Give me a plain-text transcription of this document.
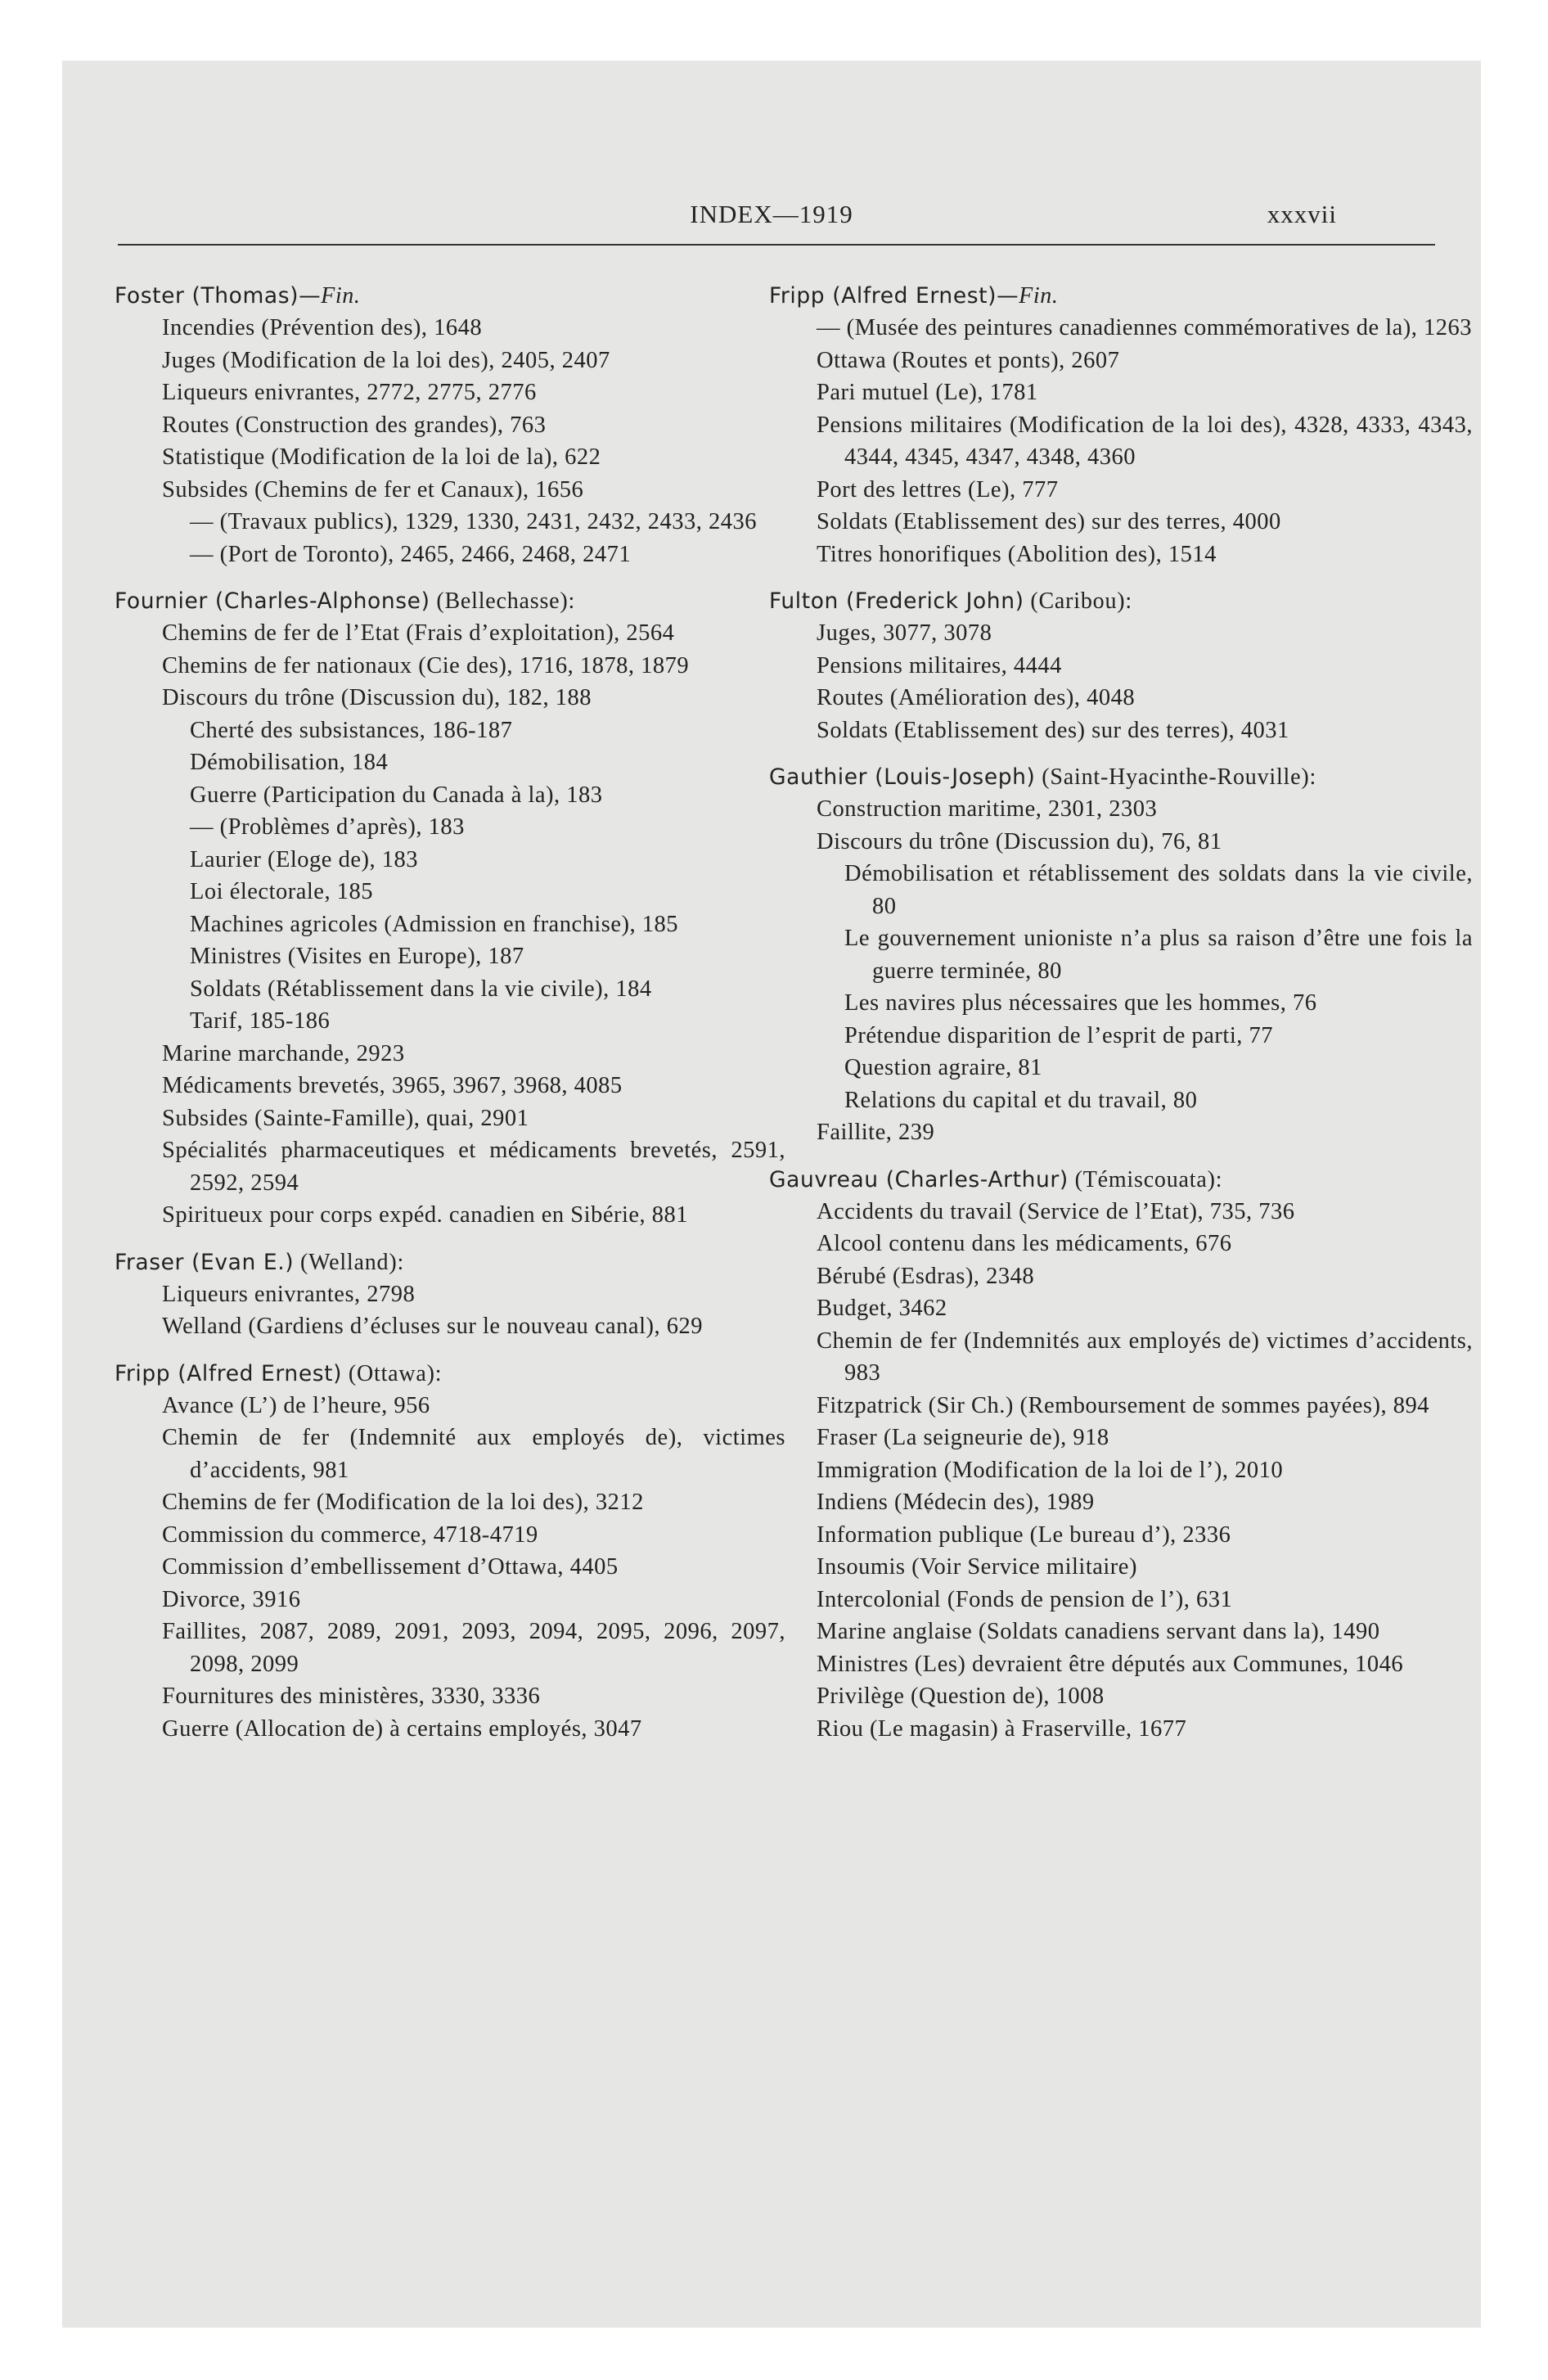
INDEX—1919	xxxvii
Foster (Thomas)—Fin.
Incendies (Prévention des), 1648
Juges (Modification de la loi des), 2405, 2407
Liqueurs enivrantes, 2772, 2775, 2776
Routes (Construction des grandes), 763
Statistique (Modification de la loi de la), 622
Subsides (Chemins de fer et Canaux), 1656
— (Travaux publics), 1329, 1330, 2431, 2432, 2433, 2436
— (Port de Toronto), 2465, 2466, 2468, 2471
Fournier (Charles-Alphonse) (Bellechasse):
Chemins de fer de l’Etat (Frais d’exploitation), 2564
Chemins de fer nationaux (Cie des), 1716, 1878, 1879
Discours du trône (Discussion du), 182, 188
Cherté des subsistances, 186-187
Démobilisation, 184
Guerre (Participation du Canada à la), 183
— (Problèmes d’après), 183
Laurier (Eloge de), 183
Loi électorale, 185
Machines agricoles (Admission en franchise), 185
Ministres (Visites en Europe), 187
Soldats (Rétablissement dans la vie civile), 184
Tarif, 185-186
Marine marchande, 2923
Médicaments brevetés, 3965, 3967, 3968, 4085
Subsides (Sainte-Famille), quai, 2901
Spécialités pharmaceutiques et médicaments brevetés, 2591, 2592, 2594
Spiritueux pour corps expéd. canadien en Sibérie, 881
Fraser (Evan E.) (Welland):
Liqueurs enivrantes, 2798
Welland (Gardiens d’écluses sur le nouveau canal), 629
Fripp (Alfred Ernest) (Ottawa):
Avance (L’) de l’heure, 956
Chemin de fer (Indemnité aux employés de), victimes d’accidents, 981
Chemins de fer (Modification de la loi des), 3212
Commission du commerce, 4718-4719
Commission d’embellissement d’Ottawa, 4405
Divorce, 3916
Faillites, 2087, 2089, 2091, 2093, 2094, 2095, 2096, 2097, 2098, 2099
Fournitures des ministères, 3330, 3336
Guerre (Allocation de) à certains employés, 3047
Fripp (Alfred Ernest)—Fin.
— (Musée des peintures canadiennes commémoratives de la), 1263
Ottawa (Routes et ponts), 2607
Pari mutuel (Le), 1781
Pensions militaires (Modification de la loi des), 4328, 4333, 4343, 4344, 4345, 4347, 4348, 4360
Port des lettres (Le), 777
Soldats (Etablissement des) sur des terres, 4000
Titres honorifiques (Abolition des), 1514
Fulton (Frederick John) (Caribou):
Juges, 3077, 3078
Pensions militaires, 4444
Routes (Amélioration des), 4048
Soldats (Etablissement des) sur des terres), 4031
Gauthier (Louis-Joseph) (Saint-Hyacinthe-Rouville):
Construction maritime, 2301, 2303
Discours du trône (Discussion du), 76, 81
Démobilisation et rétablissement des soldats dans la vie civile, 80
Le gouvernement unioniste n’a plus sa raison d’être une fois la guerre terminée, 80
Les navires plus nécessaires que les hommes, 76
Prétendue disparition de l’esprit de parti, 77
Question agraire, 81
Relations du capital et du travail, 80
Faillite, 239
Gauvreau (Charles-Arthur) (Témiscouata):
Accidents du travail (Service de l’Etat), 735, 736
Alcool contenu dans les médicaments, 676
Bérubé (Esdras), 2348
Budget, 3462
Chemin de fer (Indemnités aux employés de) victimes d’accidents, 983
Fitzpatrick (Sir Ch.) (Remboursement de sommes payées), 894
Fraser (La seigneurie de), 918
Immigration (Modification de la loi de l’), 2010
Indiens (Médecin des), 1989
Information publique (Le bureau d’), 2336
Insoumis (Voir Service militaire)
Intercolonial (Fonds de pension de l’), 631
Marine anglaise (Soldats canadiens servant dans la), 1490
Ministres (Les) devraient être députés aux Communes, 1046
Privilège (Question de), 1008
Riou (Le magasin) à Fraserville, 1677
